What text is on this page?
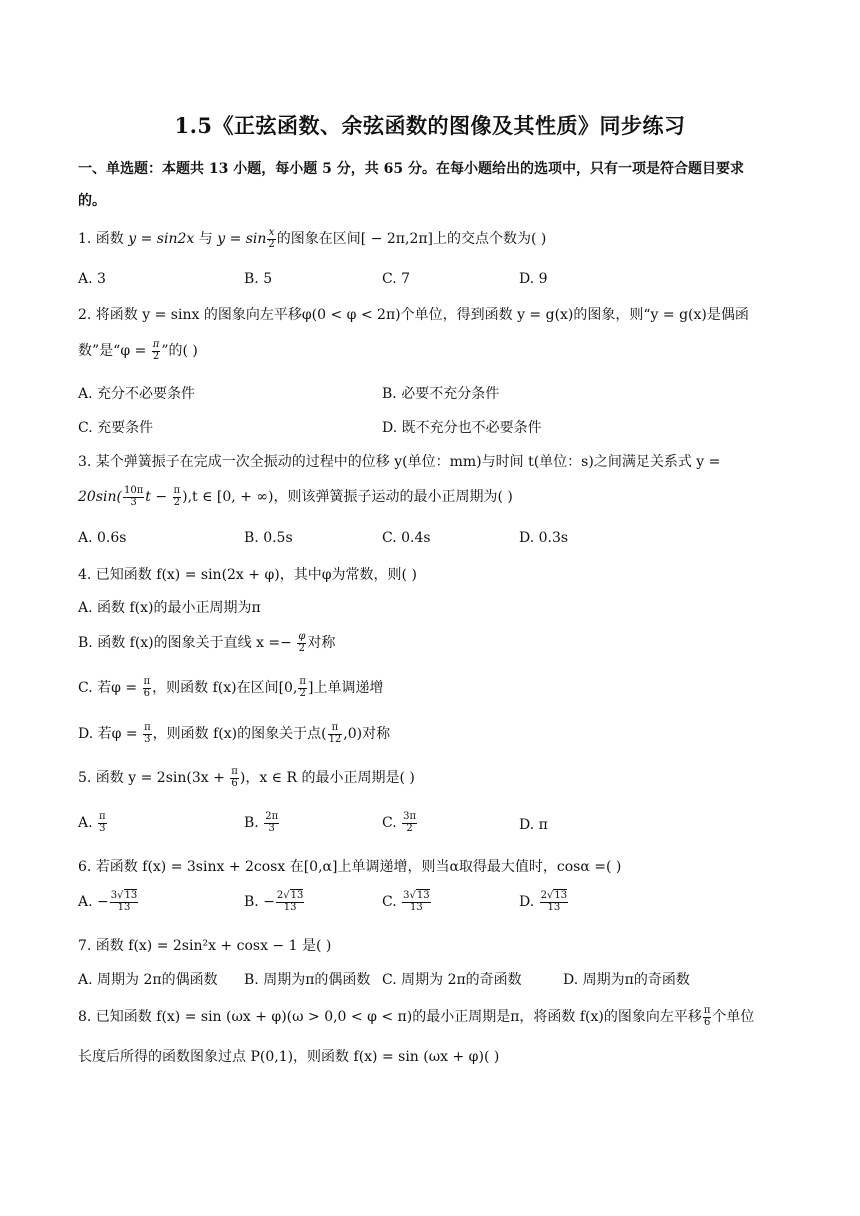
1.5《正弦函数、余弦函数的图像及其性质》同步练习
一、单选题：本题共 13 小题，每小题 5 分，共 65 分。在每小题给出的选项中，只有一项是符合题目要求
的。
1. 函数 y = sin2x 与 $y = \sin \frac{x}{2}$ 的图象在区间[ − 2π,2π]上的交点个数为( )
A. 3	B. 5	C. 7	D. 9
2. 将函数 y = sinx 的图象向左平移φ(0 < φ < 2π)个单位，得到函数 y = g(x)的图象，则“y = g(x)是偶函
数”是“$\varphi = \frac{\pi}{2}$ ”的( )
A. 充分不必要条件	B. 必要不充分条件
C. 充要条件	D. 既不充分也不必要条件
3. 某个弹簧振子在完成一次全振动的过程中的位移 y(单位：mm)与时间 t(单位：s)之间满足关系式 y =
$20\sin( \frac{10\pi}{3}$ $t - \frac{\pi}{2} ),t$ ∈ [0, + ∞)，则该弹簧振子运动的最小正周期为( )
A. 0.6s	B. 0.5s	C. 0.4s	D. 0.3s
4. 已知函数 f(x) = sin(2x + φ)，其中φ为常数，则( )
A. 函数 f(x)的最小正周期为π
B. 函数 f(x)的图象关于直线 $x =- \frac{\varphi}{2}$ 对称
C. 若$\varphi = \frac{\pi}{6}$ ，则函数 f(x)在区间[0, $\frac{\pi}{2}$ ]上单调递增
D. 若$\varphi = \frac{\pi}{3}$ ，则函数 f(x)的图象关于点( $\frac{\pi}{12} ,0$)对称
5. 函数 $y = 2\sin(3x + \frac{\pi}{6}$ )，x ∈ R 的最小正周期是( )
A. $\frac{\pi}{3}$	B. $\frac{2\pi}{3}$	C. $\frac{3\pi}{2}$	D. π
6. 若函数 f(x) = 3sinx + 2cosx 在[0,α]上单调递增，则当α取得最大值时，cosα =( )
A. − $\frac{3√13}{13}$	B. − $\frac{2√13}{13}$	C. $\frac{3√13}{13}$	D. $\frac{2√13}{13}$
7. 函数 f(x) = 2sin²x + cosx − 1 是( )
A. 周期为 2π的偶函数 B. 周期为π的偶函数 C. 周期为 2π的奇函数	D. 周期为π的奇函数
8. 已知函数 f(x) = sin (ωx + φ)(ω > 0,0 < φ < π)的最小正周期是π，将函数 f(x)的图象向左平移 $\frac{\pi}{6}$ 个单位
长度后所得的函数图象过点 P(0,1)，则函数 f(x) = sin (ωx + φ)( )
